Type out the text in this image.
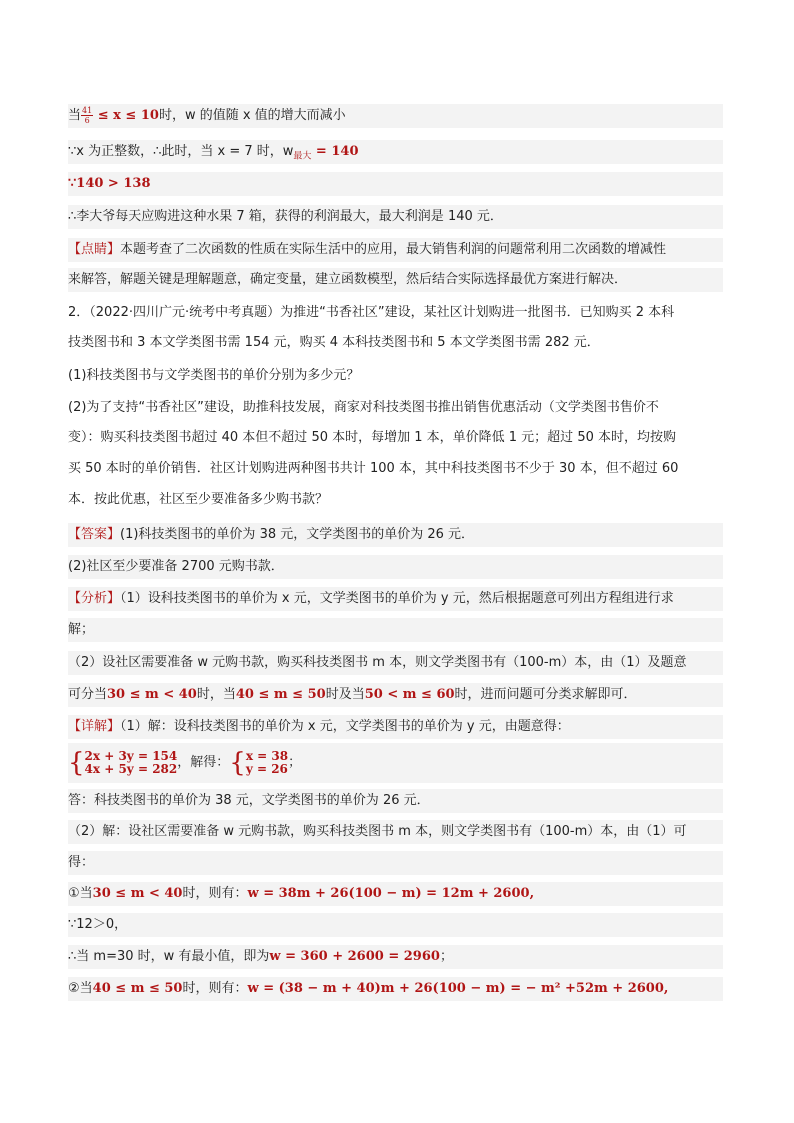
当 $\frac{41}{6} \le x \le 10$时，w 的值随 x 值的增大而减小
∵x 为正整数，∴此时，当 x = 7 时，$w_{最大} = 140$
∵140 > 138
∴李大爷每天应购进这种水果 7 箱，获得的利润最大，最大利润是 140 元．
【点睛】本题考查了二次函数的性质在实际生活中的应用，最大销售利润的问题常利用二次函数的增减性
来解答，解题关键是理解题意，确定变量，建立函数模型，然后结合实际选择最优方案进行解决．
2．（2022·四川广元·统考中考真题）为推进“书香社区”建设，某社区计划购进一批图书．已知购买 2 本科
技类图书和 3 本文学类图书需 154 元，购买 4 本科技类图书和 5 本文学类图书需 282 元．
(1)科技类图书与文学类图书的单价分别为多少元？
(2)为了支持“书香社区”建设，助推科技发展，商家对科技类图书推出销售优惠活动（文学类图书售价不
变）：购买科技类图书超过 40 本但不超过 50 本时，每增加 1 本，单价降低 1 元；超过 50 本时，均按购
买 50 本时的单价销售．社区计划购进两种图书共计 100 本，其中科技类图书不少于 30 本，但不超过 60
本．按此优惠，社区至少要准备多少购书款？
【答案】(1)科技类图书的单价为 38 元，文学类图书的单价为 26 元．
(2)社区至少要准备 2700 元购书款．
【分析】（1）设科技类图书的单价为 x 元，文学类图书的单价为 y 元，然后根据题意可列出方程组进行求
解；
（2）设社区需要准备 w 元购书款，购买科技类图书 m 本，则文学类图书有（100-m）本，由（1）及题意
可分当30 ≤ m < 40时，当40 ≤ m ≤ 50时及当50 < m ≤ 60时，进而问题可分类求解即可．
【详解】（1）解：设科技类图书的单价为 x 元，文学类图书的单价为 y 元，由题意得：
{ 2x + 3y = 154
4x + 5y = 282 ，解得：{ x = 38
y = 26 ；
答：科技类图书的单价为 38 元，文学类图书的单价为 26 元．
（2）解：设社区需要准备 w 元购书款，购买科技类图书 m 本，则文学类图书有（100-m）本，由（1）可
得：
①当30 ≤ m < 40时，则有：w = 38m + 26(100 − m) = 12m + 2600,
∵12＞0，
∴当 m=30 时，w 有最小值，即为w = 360 + 2600 = 2960；
②当40 ≤ m ≤ 50时，则有：w = (38 − m + 40)m + 26(100 − m) = − m² +52m + 2600,
